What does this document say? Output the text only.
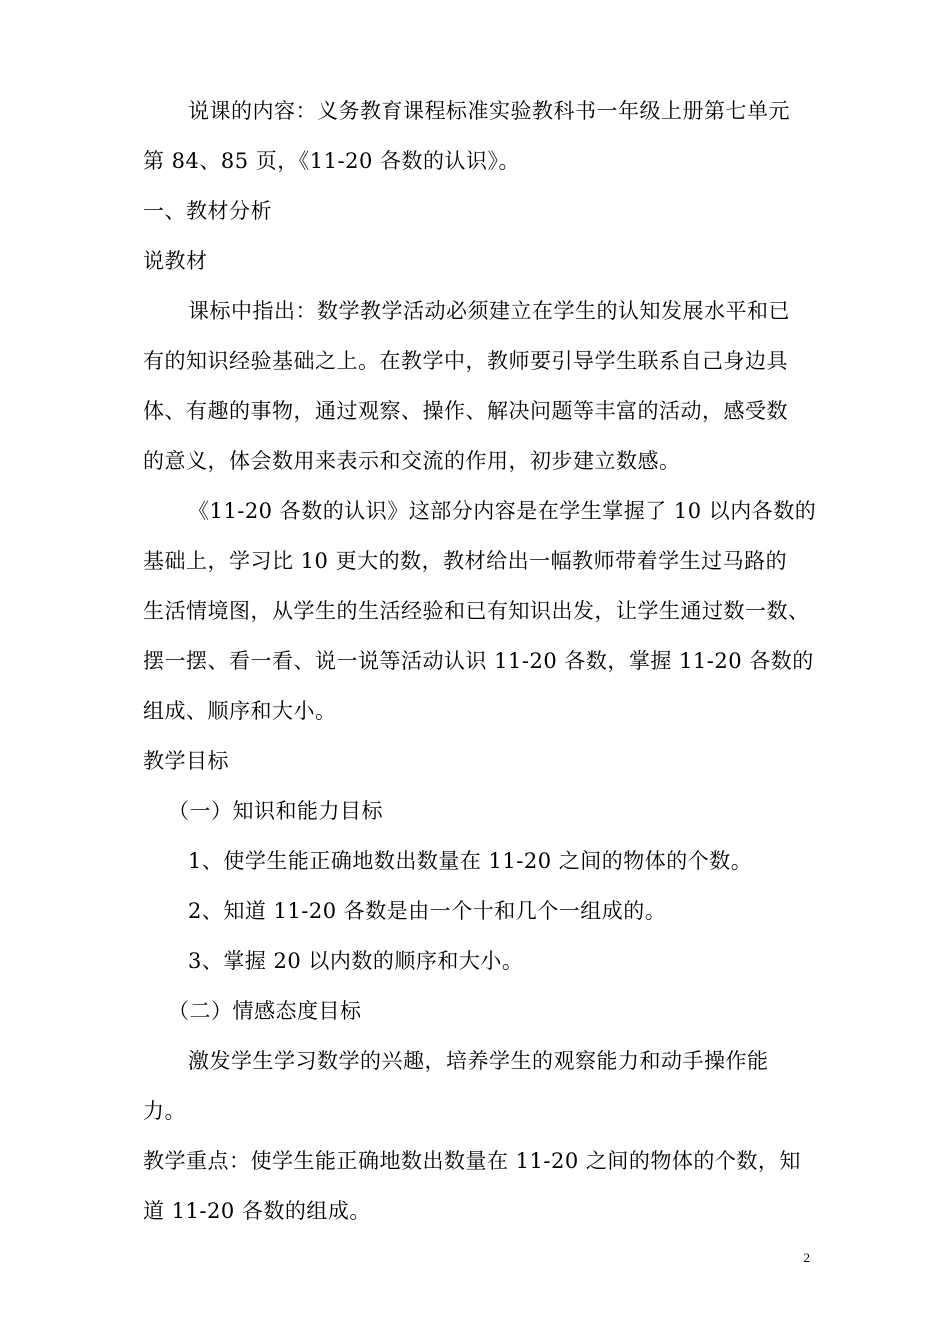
说课的内容：义务教育课程标准实验教科书一年级上册第七单元
第 84、85 页，《11-20 各数的认识》。
一、教材分析
说教材
课标中指出：数学教学活动必须建立在学生的认知发展水平和已
有的知识经验基础之上。在教学中，教师要引导学生联系自己身边具
体、有趣的事物，通过观察、操作、解决问题等丰富的活动，感受数
的意义，体会数用来表示和交流的作用，初步建立数感。
《11-20 各数的认识》这部分内容是在学生掌握了 10 以内各数的
基础上，学习比 10 更大的数，教材给出一幅教师带着学生过马路的
生活情境图，从学生的生活经验和已有知识出发，让学生通过数一数、
摆一摆、看一看、说一说等活动认识 11-20 各数，掌握 11-20 各数的
组成、顺序和大小。
教学目标
（一）知识和能力目标
1、使学生能正确地数出数量在 11-20 之间的物体的个数。
2、知道 11-20 各数是由一个十和几个一组成的。
3、掌握 20 以内数的顺序和大小。
（二）情感态度目标
激发学生学习数学的兴趣，培养学生的观察能力和动手操作能
力。
教学重点：使学生能正确地数出数量在 11-20 之间的物体的个数，知
道 11-20 各数的组成。
2
